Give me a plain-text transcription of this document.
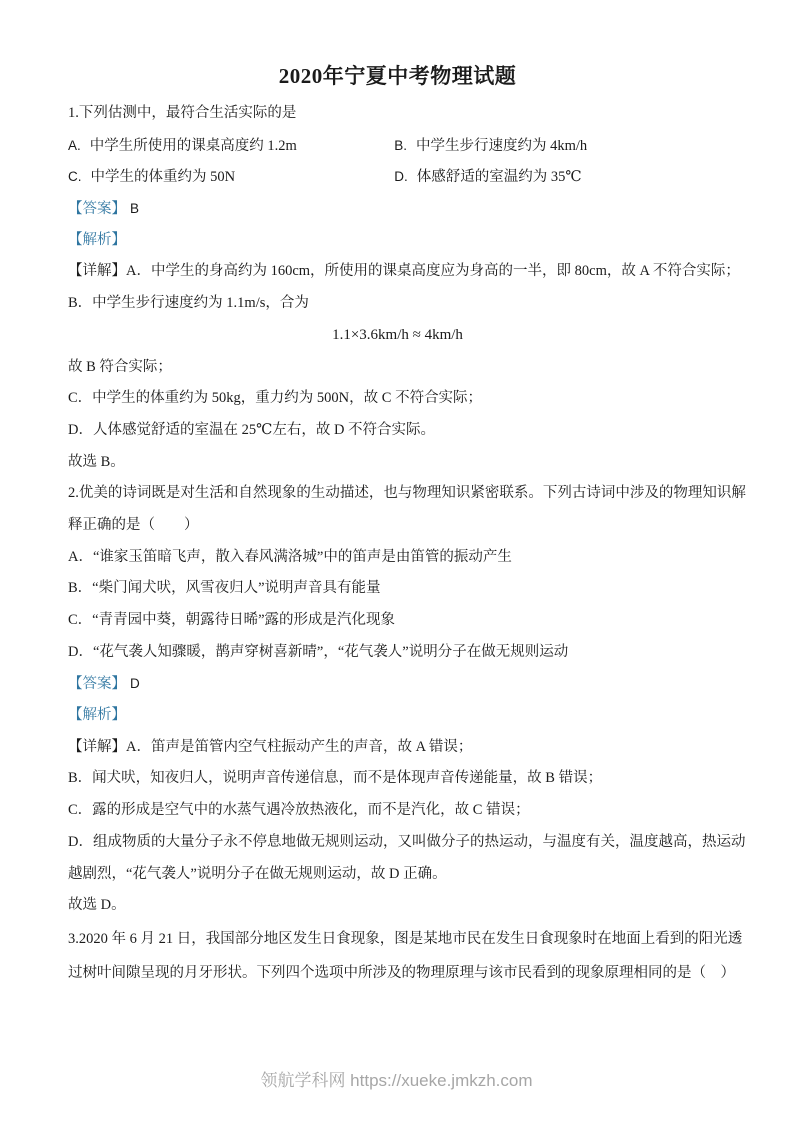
2020年宁夏中考物理试题
1.下列估测中，最符合生活实际的是
A. 中学生所使用的课桌高度约 1.2m	B. 中学生步行速度约为 4km/h
C. 中学生的体重约为 50N	D. 体感舒适的室温约为 35℃
【答案】 B
【解析】
【详解】A．中学生的身高约为 160cm，所使用的课桌高度应为身高的一半，即 80cm，故 A 不符合实际；
B．中学生步行速度约为 1.1m/s，合为
1.1×3.6km/h ≈ 4km/h
故 B 符合实际；
C．中学生的体重约为 50kg，重力约为 500N，故 C 不符合实际；
D．人体感觉舒适的室温在 25℃左右，故 D 不符合实际。
故选 B。
2.优美的诗词既是对生活和自然现象的生动描述，也与物理知识紧密联系。下列古诗词中涉及的物理知识解
释正确的是（　　）
A．“谁家玉笛暗飞声，散入春风满洛城”中的笛声是由笛管的振动产生
B．“柴门闻犬吠，风雪夜归人”说明声音具有能量
C．“青青园中葵，朝露待日晞”露的形成是汽化现象
D．“花气袭人知骤暖，鹊声穿树喜新晴”，“花气袭人”说明分子在做无规则运动
【答案】 D
【解析】
【详解】A．笛声是笛管内空气柱振动产生的声音，故 A 错误；
B．闻犬吠，知夜归人，说明声音传递信息，而不是体现声音传递能量，故 B 错误；
C．露的形成是空气中的水蒸气遇冷放热液化，而不是汽化，故 C 错误；
D．组成物质的大量分子永不停息地做无规则运动，又叫做分子的热运动，与温度有关，温度越高，热运动
越剧烈，“花气袭人”说明分子在做无规则运动，故 D 正确。
故选 D。
3.2020 年 6 月 21 日，我国部分地区发生日食现象，图是某地市民在发生日食现象时在地面上看到的阳光透
过树叶间隙呈现的月牙形状。下列四个选项中所涉及的物理原理与该市民看到的现象原理相同的是（　）
领航学科网 https://xueke.jmkzh.com
